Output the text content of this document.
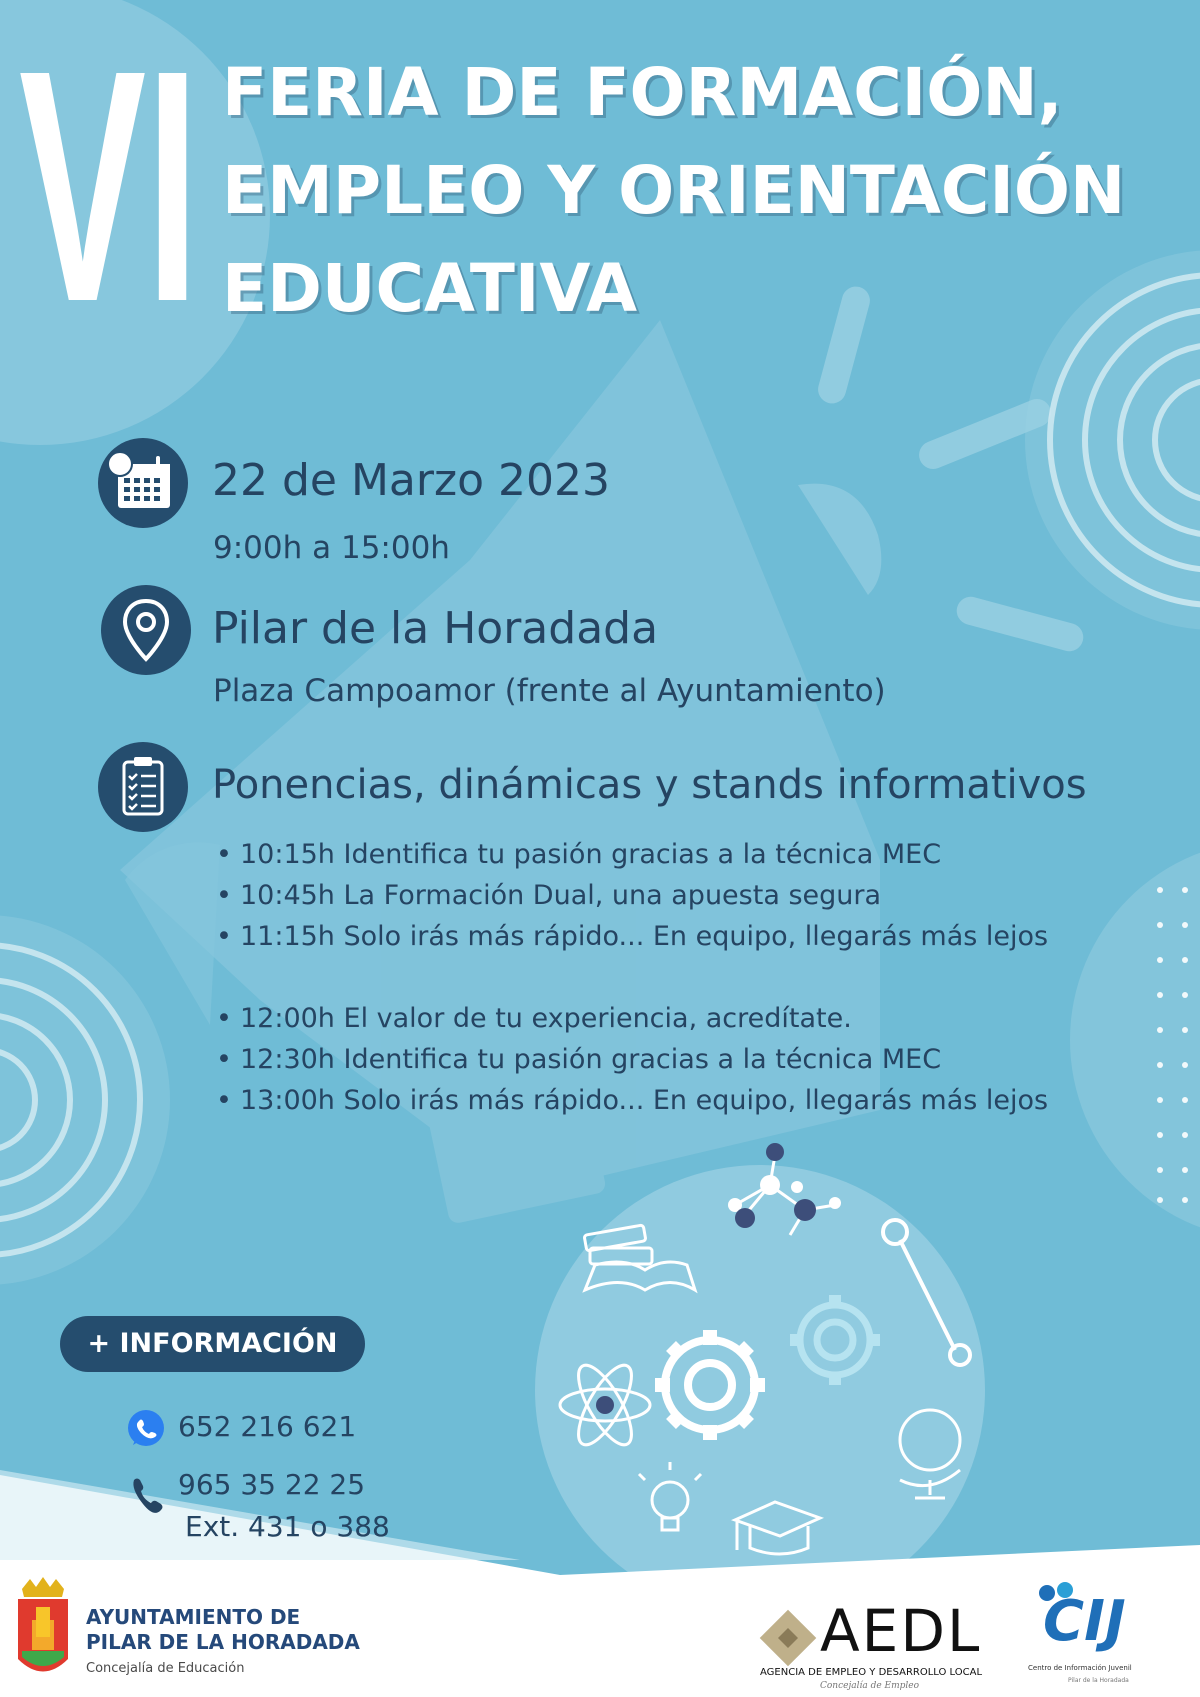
VI FERIA DE FORMACIÓN,
EMPLEO Y ORIENTACIÓN
EDUCATIVA
22 de Marzo 2023
9:00h a 15:00h
Pilar de la Horadada
Plaza Campoamor (frente al Ayuntamiento)
Ponencias, dinámicas y stands informativos
• 10:15h Identifica tu pasión gracias a la técnica MEC
• 10:45h La Formación Dual, una apuesta segura
• 11:15h Solo irás más rápido... En equipo, llegarás más lejos
• 12:00h El valor de tu experiencia, acredítate.
• 12:30h Identifica tu pasión gracias a la técnica MEC
• 13:00h Solo irás más rápido... En equipo, llegarás más lejos
+ INFORMACIÓN
652 216 621
965 35 22 25
Ext. 431 o 388
AYUNTAMIENTO DE
PILAR DE LA HORADADA
Concejalía de Educación
AEDL
AGENCIA DE EMPLEO Y DESARROLLO LOCAL
Concejalía de Empleo
CIJ
Centro de Información Juvenil
Pilar de la Horadada
